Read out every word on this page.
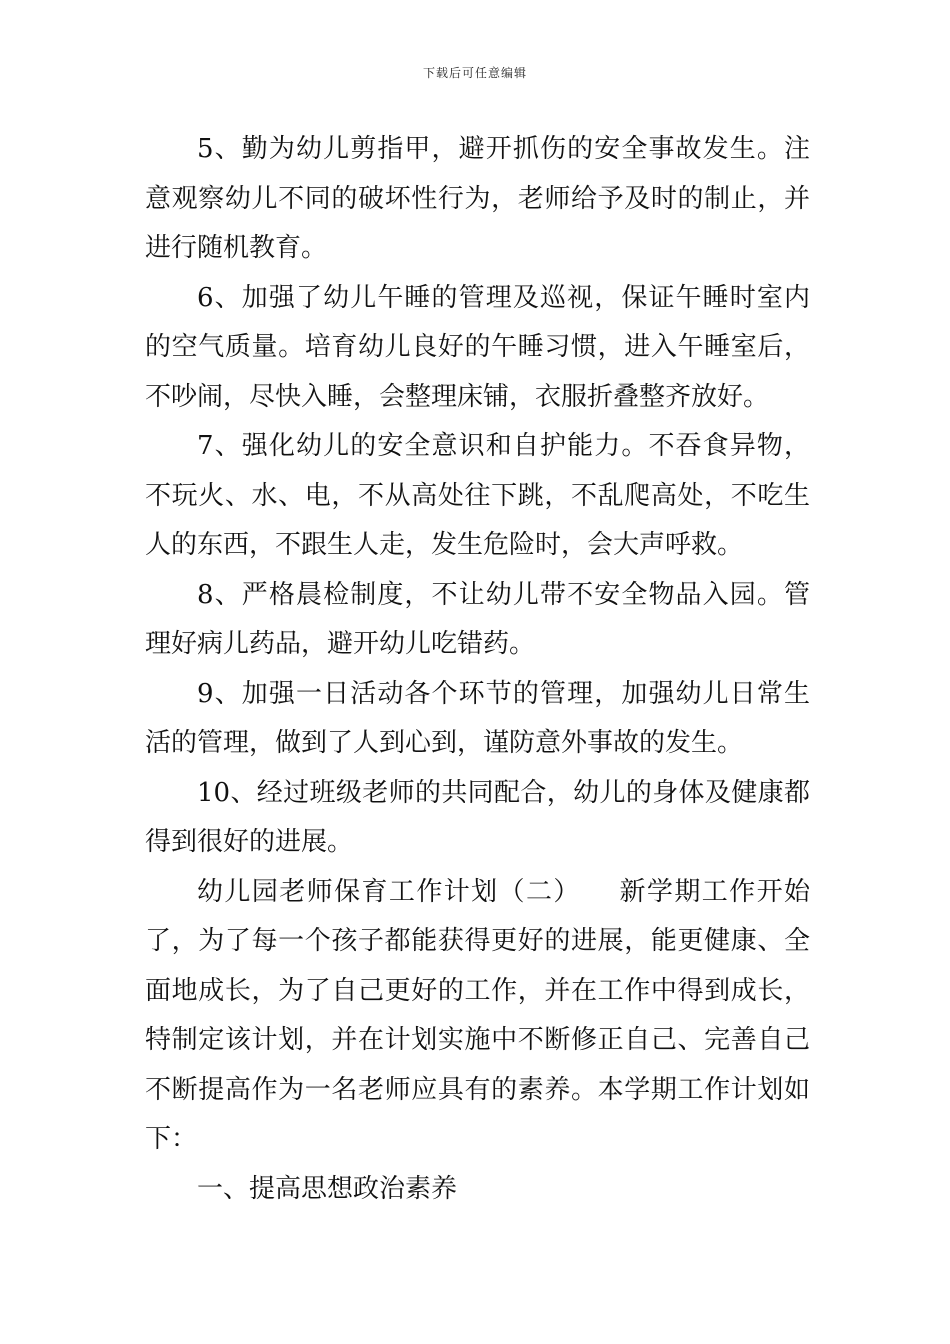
下载后可任意编辑

5、勤为幼儿剪指甲，避开抓伤的安全事故发生。注意观察幼儿不同的破坏性行为，老师给予及时的制止，并进行随机教育。

6、加强了幼儿午睡的管理及巡视，保证午睡时室内的空气质量。培育幼儿良好的午睡习惯，进入午睡室后，不吵闹，尽快入睡，会整理床铺，衣服折叠整齐放好。

7、强化幼儿的安全意识和自护能力。不吞食异物，不玩火、水、电，不从高处往下跳，不乱爬高处，不吃生人的东西，不跟生人走，发生危险时，会大声呼救。

8、严格晨检制度，不让幼儿带不安全物品入园。管理好病儿药品，避开幼儿吃错药。

9、加强一日活动各个环节的管理，加强幼儿日常生活的管理，做到了人到心到，谨防意外事故的发生。

10、经过班级老师的共同配合，幼儿的身体及健康都得到很好的进展。

幼儿园老师保育工作计划（二）    新学期工作开始了，为了每一个孩子都能获得更好的进展，能更健康、全面地成长，为了自己更好的工作，并在工作中得到成长，特制定该计划，并在计划实施中不断修正自己、完善自己不断提高作为一名老师应具有的素养。本学期工作计划如下：

一、提高思想政治素养
